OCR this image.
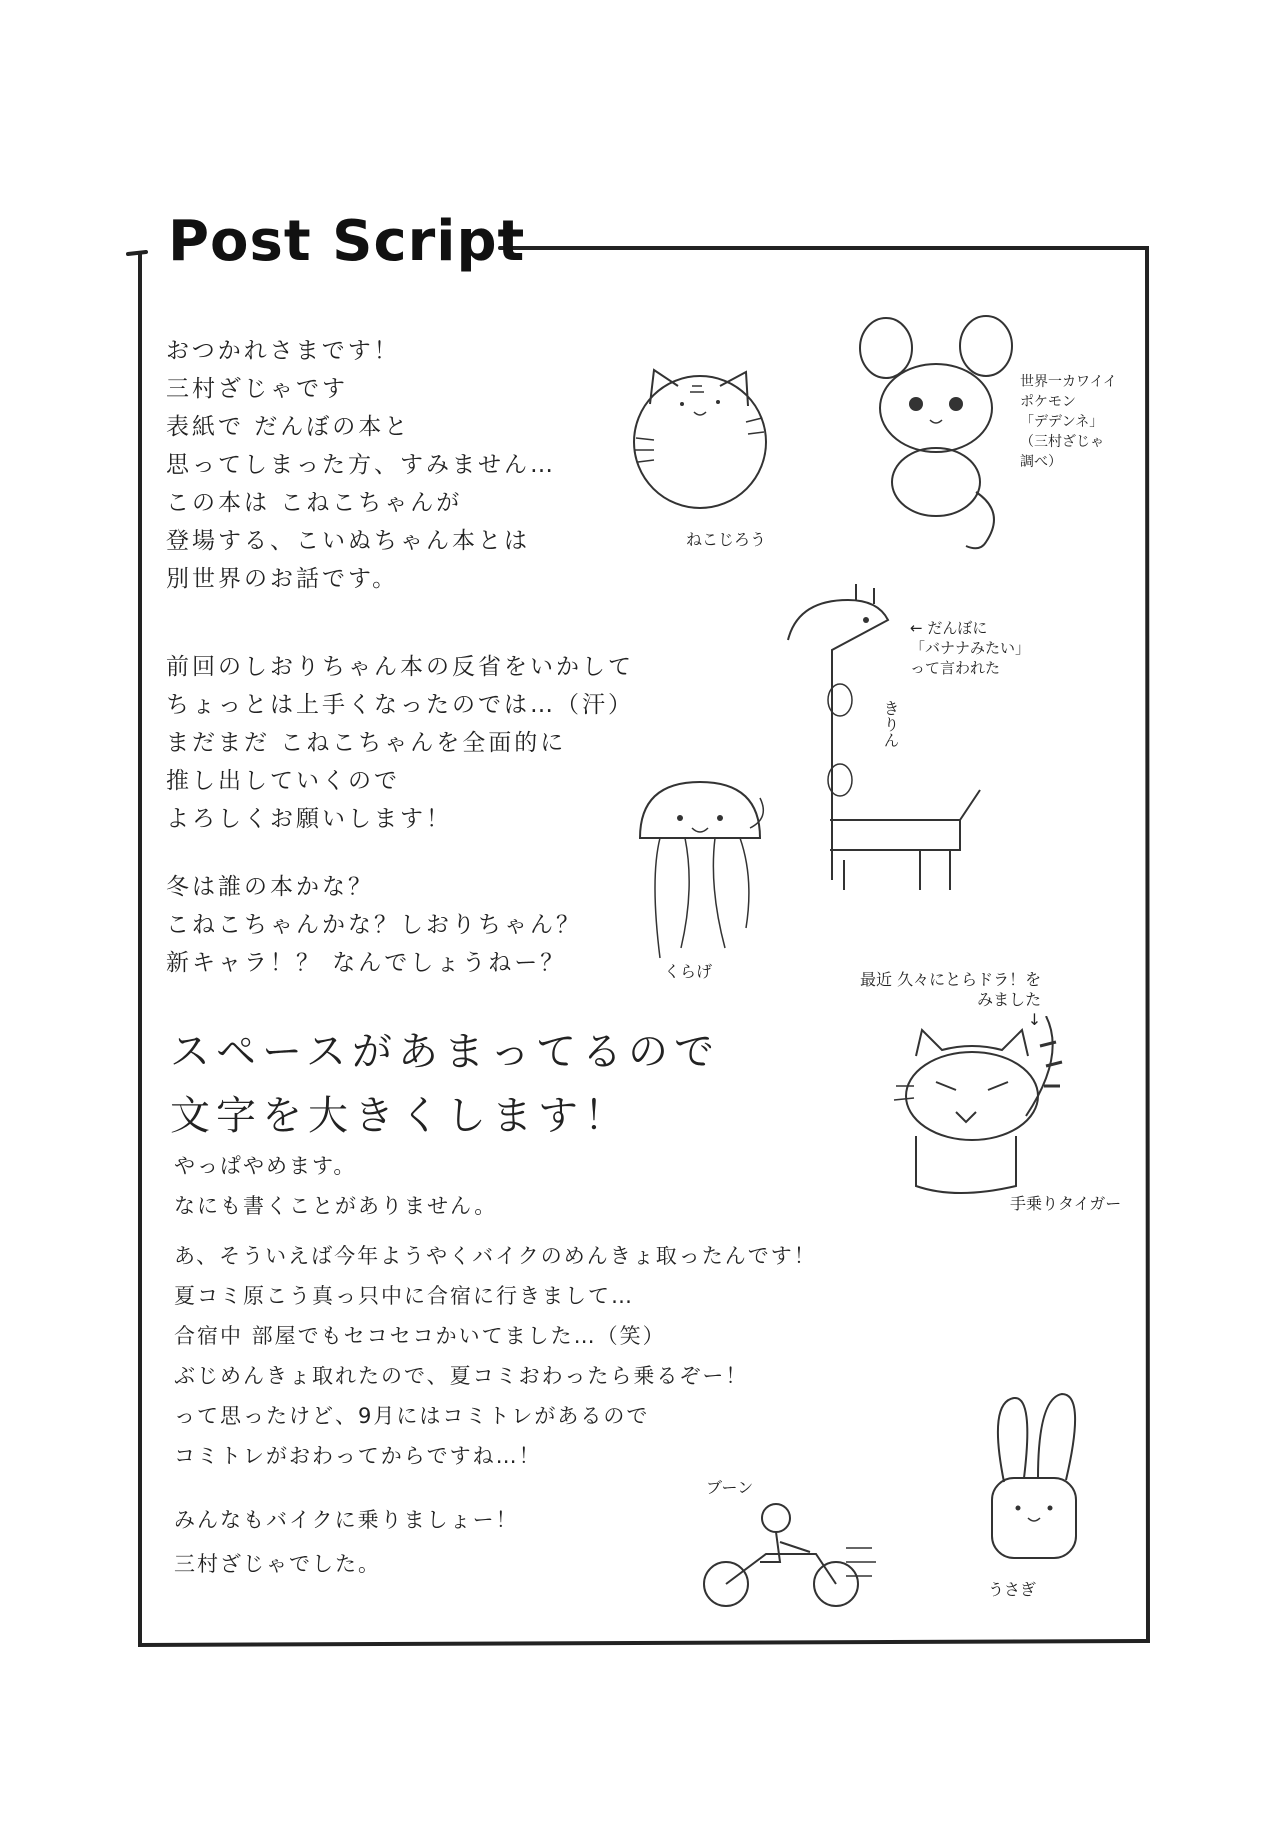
Post Script
おつかれさまです！
三村ざじゃです
表紙で だんぼの本と
思ってしまった方、すみません…
この本は こねこちゃんが
登場する、こいぬちゃん本とは
別世界のお話です。
前回のしおりちゃん本の反省をいかして
ちょっとは上手くなったのでは…（汗）
まだまだ こねこちゃんを全面的に
推し出していくので
よろしくお願いします！
冬は誰の本かな？
こねこちゃんかな？しおりちゃん？
新キャラ！？ なんでしょうねー？
スペースがあまってるので
文字を大きくします！
やっぱやめます。
なにも書くことがありません。
あ、そういえば今年ようやくバイクのめんきょ取ったんです！
夏コミ原こう真っ只中に合宿に行きまして…
合宿中 部屋でもセコセコかいてました…（笑）
ぶじめんきょ取れたので、夏コミおわったら乗るぞー！
って思ったけど、9月にはコミトレがあるので
コミトレがおわってからですね…！
みんなもバイクに乗りましょー！
三村ざじゃでした。
ねこじろう
世界一カワイイ
ポケモン
「デデンネ」
（三村ざじゃ
調べ）
← だんぼに
「バナナみたい」
って言われた
きりん
くらげ	最近 久々にとらドラ！を
みました
↓
手乗りタイガー
うさぎ
ブーン
